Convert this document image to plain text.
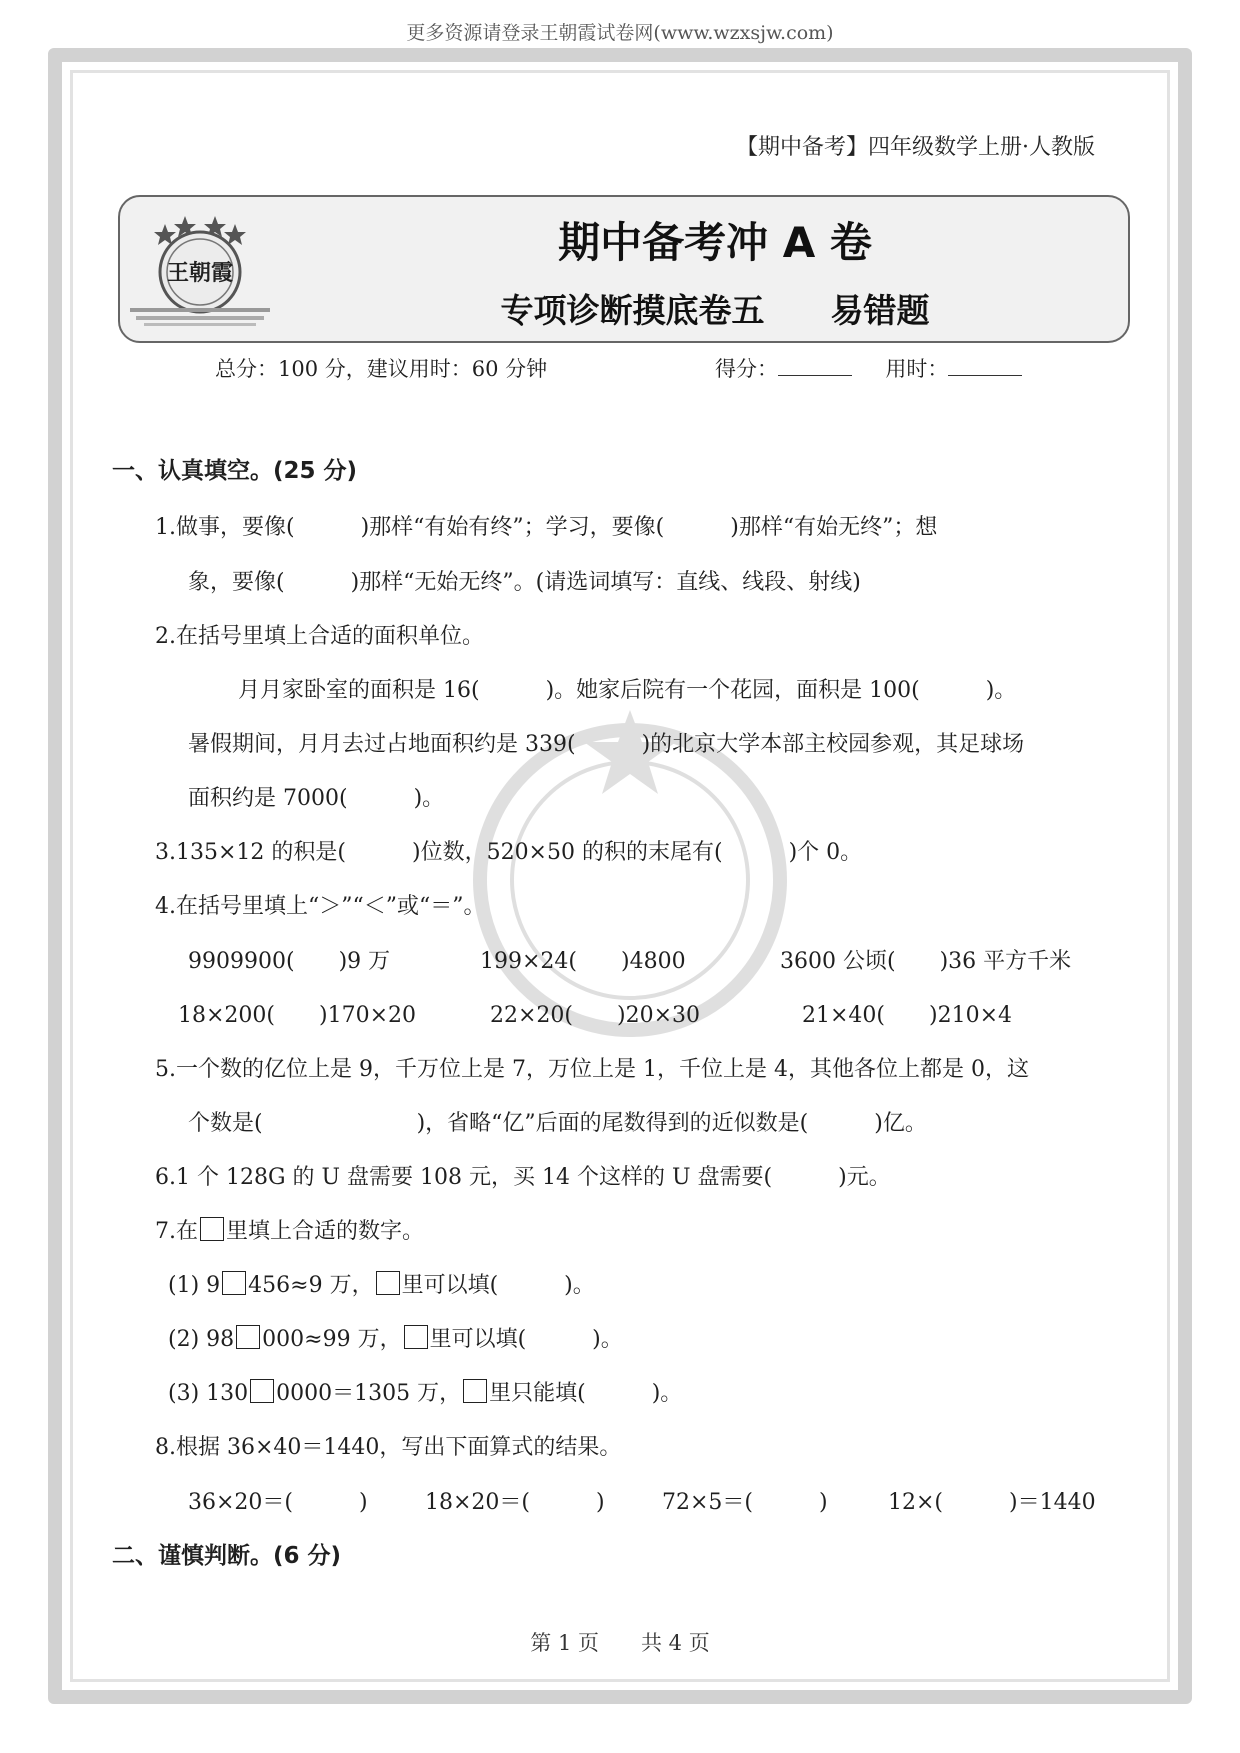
更多资源请登录王朝霞试卷网(www.wzxsjw.com)
【期中备考】四年级数学上册·人教版
王朝霞
期中备考冲 A 卷
专项诊断摸底卷五　　易错题
总分：100 分，建议用时：60 分钟	得分：	用时：
一、认真填空。(25 分)
1.做事，要像(　　　)那样“有始有终”；学习，要像(　　　)那样“有始无终”；想
象，要像(　　　)那样“无始无终”。(请选词填写：直线、线段、射线)
2.在括号里填上合适的面积单位。
月月家卧室的面积是 16(　　　)。她家后院有一个花园，面积是 100(　　　)。
暑假期间，月月去过占地面积约是 339(　　　)的北京大学本部主校园参观，其足球场
面积约是 7000(　　　)。
3.135×12 的积是(　　　)位数，520×50 的积的末尾有(　　　)个 0。
4.在括号里填上“＞”“＜”或“＝”。
9909900(　　)9 万	199×24(　　)4800	3600 公顷(　　)36 平方千米
18×200(　　)170×20	22×20(　　)20×30	21×40(　　)210×4
5.一个数的亿位上是 9，千万位上是 7，万位上是 1，千位上是 4，其他各位上都是 0，这
个数是(　　　　　　　)，省略“亿”后面的尾数得到的近似数是(　　　)亿。
6.1 个 128G 的 U 盘需要 108 元，买 14 个这样的 U 盘需要(　　　)元。
7.在 里填上合适的数字。
(1) 9 456≈9 万， 里可以填(　　　)。
(2) 98 000≈99 万， 里可以填(　　　)。
(3) 130 0000＝1305 万， 里只能填(　　　)。
8.根据 36×40＝1440，写出下面算式的结果。
36×20＝(　　　)	18×20＝(　　　)	72×5＝(　　　)	12×(　　　)＝1440
二、谨慎判断。(6 分)
第 1 页　　共 4 页
